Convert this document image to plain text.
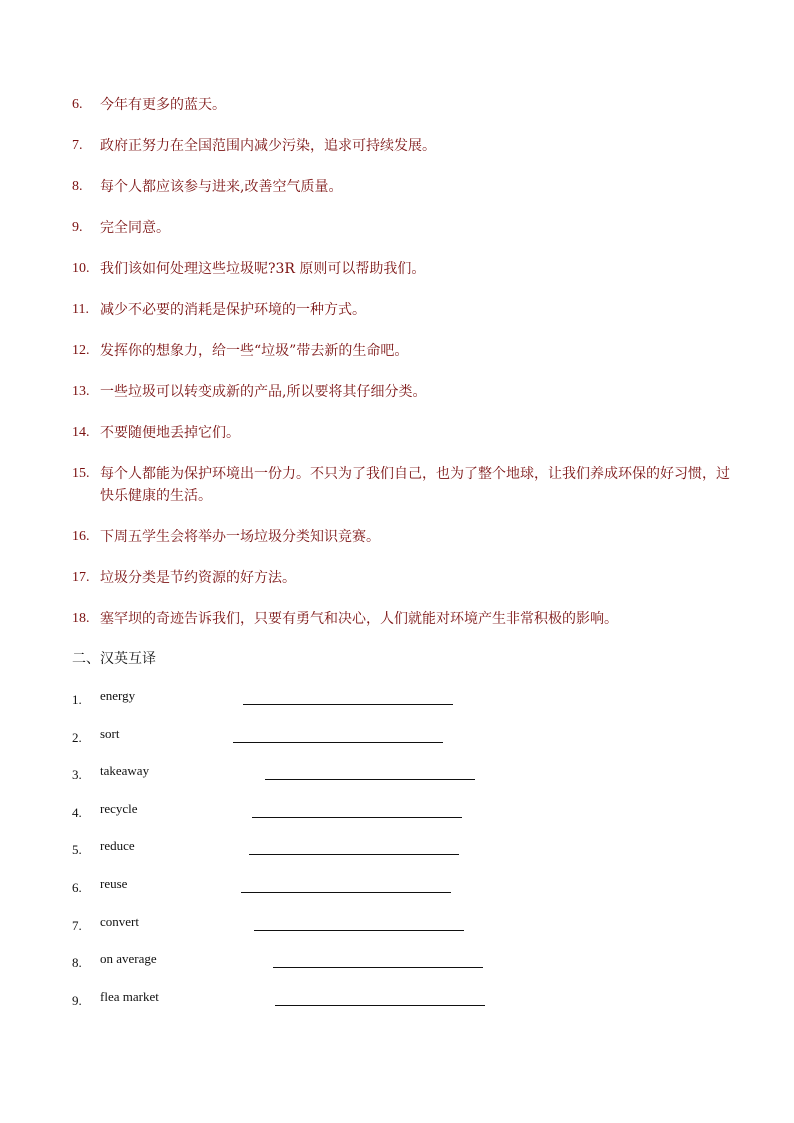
6.	今年有更多的蓝天。
7.	政府正努力在全国范围内减少污染，追求可持续发展。
8.	每个人都应该参与进来,改善空气质量。
9.	完全同意。
10. 我们该如何处理这些垃圾呢?3R 原则可以帮助我们。
11. 减少不必要的消耗是保护环境的一种方式。
12. 发挥你的想象力，给一些“垃圾”带去新的生命吧。
13. 一些垃圾可以转变成新的产品,所以要将其仔细分类。
14. 不要随便地丢掉它们。
15. 每个人都能为保护环境出一份力。不只为了我们自己，也为了整个地球，让我们养成环保的好习惯，过快乐健康的生活。
16. 下周五学生会将举办一场垃圾分类知识竞赛。
17. 垃圾分类是节约资源的好方法。
18. 塞罕坝的奇迹告诉我们，只要有勇气和决心，人们就能对环境产生非常积极的影响。
二、汉英互译
1. energy
2. sort
3. takeaway
4. recycle
5. reduce
6. reuse
7. convert
8. on average
9. flea market
